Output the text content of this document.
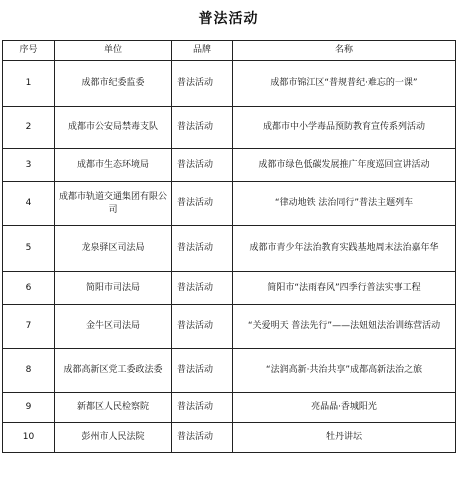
普法活动
序号	单位	品牌	名称
1	成都市纪委监委	普法活动	成都市锦江区“普规普纪·难忘的一课”
2	成都市公安局禁毒支队	普法活动	成都市中小学毒品预防教育宣传系列活动
3	成都市生态环境局	普法活动	成都市绿色低碳发展推广年度巡回宣讲活动
4	成都市轨道交通集团有限公司	普法活动	“律动地铁 法治同行”普法主题列车
5	龙泉驿区司法局	普法活动	成都市青少年法治教育实践基地周末法治嘉年华
6	简阳市司法局	普法活动	简阳市“法雨春风”四季行普法实事工程
7	金牛区司法局	普法活动	“关爱明天 普法先行”——法妞妞法治训练营活动
8	成都高新区党工委政法委	普法活动	“法润高新·共治共享”成都高新法治之旅
9	新都区人民检察院	普法活动	亮晶晶·香城阳光
10	彭州市人民法院	普法活动	牡丹讲坛
